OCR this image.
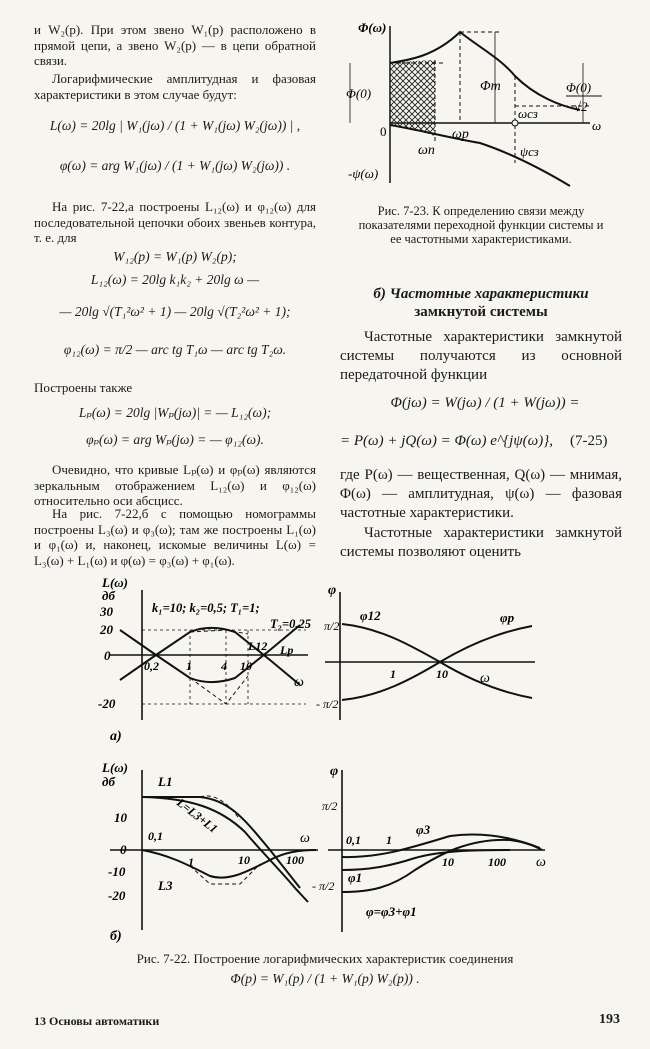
и W₂(p). При этом звено W₁(p) расположено в прямой цепи, а звено W₂(p) — в цепи обратной связи.
Логарифмические амплитудная и фазовая характеристики в этом случае будут:
L(ω) = 20lg | W₁(jω) / (1 + W₁(jω) W₂(jω)) | ,
φ(ω) = arg W₁(jω) / (1 + W₁(jω) W₂(jω)) .
На рис. 7-22,а построены L₁₂(ω) и φ₁₂(ω) для последовательной цепочки обоих звеньев контура, т. е. для
W₁₂(p) = W₁(p) W₂(p);
L₁₂(ω) = 20lg k₁k₂ + 20lg ω —
— 20lg √(T₁²ω² + 1) — 20lg √(T₂²ω² + 1);
φ₁₂(ω) = π/2 — arc tg T₁ω — arc tg T₂ω.
Построены также
Lₚ(ω) = 20lg |Wₚ(jω)| = — L₁₂(ω);
φₚ(ω) = arg Wₚ(jω) = — φ₁₂(ω).
Очевидно, что кривые Lₚ(ω) и φₚ(ω) являются зеркальным отображением L₁₂(ω) и φ₁₂(ω) относительно оси абсцисс.
На рис. 7-22,б с помощью номограммы построены L₃(ω) и φ₃(ω); там же построены L₁(ω) и φ₁(ω) и, наконец, искомые величины L(ω) = L₃(ω) + L₁(ω) и φ(ω) = φ₃(ω) + φ₁(ω).
Φ(ω)
Φ(0)	Φm
ωp
ωп
ωсз
ψсз
-ψ(ω)
Φ(0)
√2
0	ω
Рис. 7-23. К определению связи между показателями переходной функции системы и ее частотными характеристиками.
б) Частотные характеристики
замкнутой системы
Частотные характеристики замкнутой системы получаются из основной передаточной функции
Φ(jω) = W(jω) / (1 + W(jω)) =
= P(ω) + jQ(ω) = Φ(ω) e^{jψ(ω)},	(7-25)
где P(ω) — вещественная, Q(ω) — мнимая, Φ(ω) — амплитудная, ψ(ω) — фазовая частотные характеристики.
Частотные характеристики замкнутой системы позволяют оценить
L(ω)
дб
30
20
0
-20
k₁=10; k₂=0,5; T₁=1;
T₂=0,25
0,2 1 4 10
L12 Lp
ω
а)
φ
π/2
- π/2
φ12	φp
1	10 ω
L(ω)
дб
10
0
-10
-20
0,1
1	10	100
L1
L=L3+L1
L3
ω
б)
φ
π/2
- π/2
0,1 1
10	100
φ3
φ1
φ=φ3+φ1
ω
Рис. 7-22. Построение логарифмических характеристик соединения
Φ(p) = W₁(p) / (1 + W₁(p) W₂(p)) .
13 Основы автоматики	193
